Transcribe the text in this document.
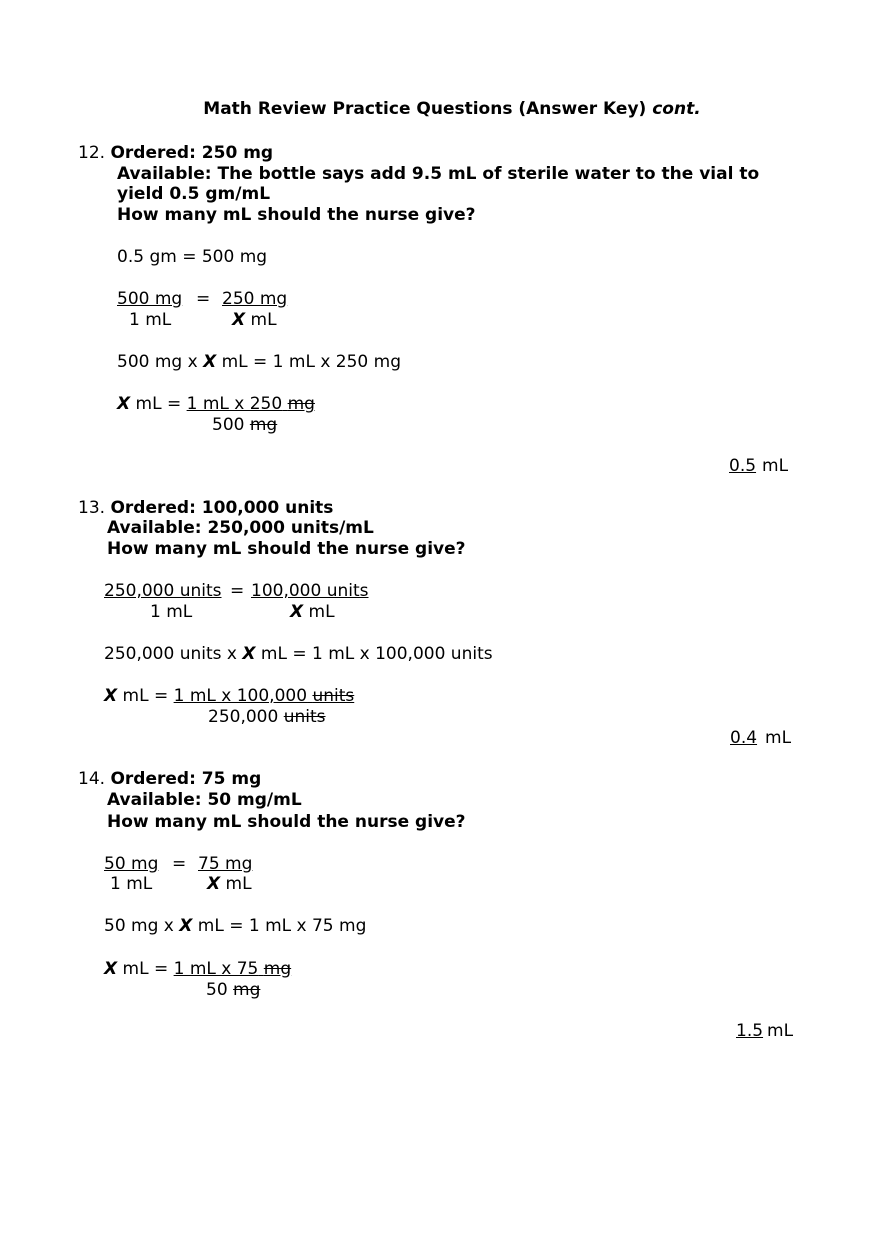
Math Review Practice Questions (Answer Key) cont.
12. Ordered: 250 mg
Available: The bottle says add 9.5 mL of sterile water to the vial to
yield 0.5 gm/mL
How many mL should the nurse give?
0.5 gm = 500 mg
500 mg = 250 mg
1 mL	X mL
500 mg x X mL = 1 mL x 250 mg
X mL = 1 mL x 250 mg
500 mg
0.5 mL
13. Ordered: 100,000 units
Available: 250,000 units/mL
How many mL should the nurse give?
250,000 units = 100,000 units
1 mL	X mL
250,000 units x X mL = 1 mL x 100,000 units
X mL = 1 mL x 100,000 units
250,000 units
0.4 mL
14. Ordered: 75 mg
Available: 50 mg/mL
How many mL should the nurse give?
50 mg = 75 mg
1 mL	X mL
50 mg x X mL = 1 mL x 75 mg
X mL = 1 mL x 75 mg
50 mg
1.5 mL
